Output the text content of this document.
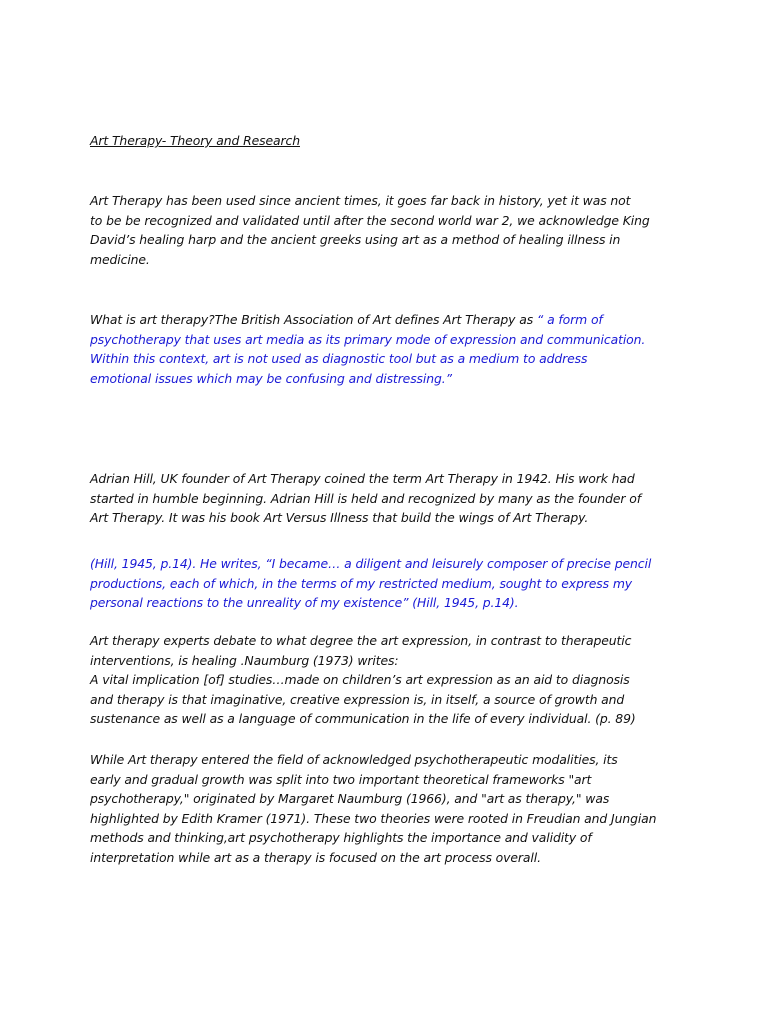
Art Therapy- Theory and Research
Art Therapy has been used since ancient times, it goes far back in history, yet it was not
to be be recognized and validated until after the second world war 2, we acknowledge King
David’s healing harp and the ancient greeks using art as a method of healing illness in
medicine.
What is art therapy?The British Association of Art defines Art Therapy as “ a form of
psychotherapy that uses art media as its primary mode of expression and communication.
Within this context, art is not used as diagnostic tool but as a medium to address
emotional issues which may be confusing and distressing.”
Adrian Hill, UK founder of Art Therapy coined the term Art Therapy in 1942. His work had
started in humble beginning. Adrian Hill is held and recognized by many as the founder of
Art Therapy. It was his book Art Versus Illness that build the wings of Art Therapy.
(Hill, 1945, p.14). He writes, “I became… a diligent and leisurely composer of precise pencil
productions, each of which, in the terms of my restricted medium, sought to express my
personal reactions to the unreality of my existence” (Hill, 1945, p.14).
Art therapy experts debate to what degree the art expression, in contrast to therapeutic
interventions, is healing .Naumburg (1973) writes:
A vital implication [of] studies…made on children’s art expression as an aid to diagnosis
and therapy is that imaginative, creative expression is, in itself, a source of growth and
sustenance as well as a language of communication in the life of every individual. (p. 89)
While Art therapy entered the field of acknowledged psychotherapeutic modalities, its
early and gradual growth was split into two important theoretical frameworks "art
psychotherapy," originated by Margaret Naumburg (1966), and "art as therapy," was
highlighted by Edith Kramer (1971). These two theories were rooted in Freudian and Jungian
methods and thinking,art psychotherapy highlights the importance and validity of
interpretation while art as a therapy is focused on the art process overall.
